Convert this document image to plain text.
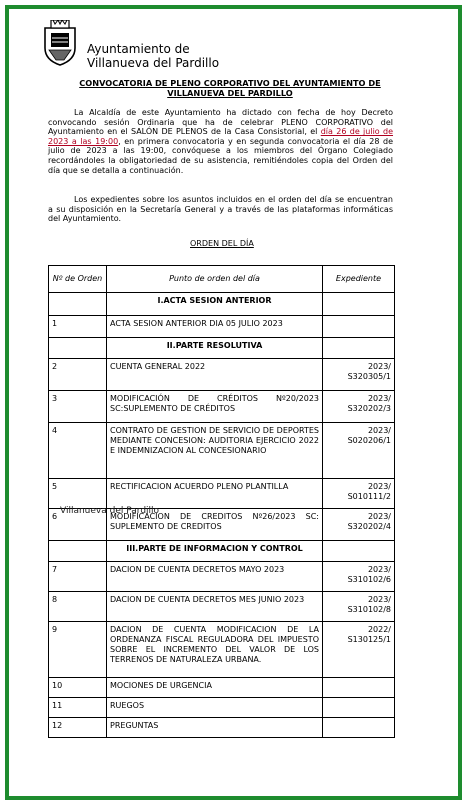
Ayuntamiento de
Villanueva del Pardillo
CONVOCATORIA DE PLENO CORPORATIVO DEL AYUNTAMIENTO DE
VILLANUEVA DEL PARDILLO
La Alcaldía de este Ayuntamiento ha dictado con fecha de hoy Decreto convocando sesión Ordinaria que ha de celebrar PLENO CORPORATIVO del Ayuntamiento en el SALÓN DE PLENOS de la Casa Consistorial, el día 26 de julio de 2023 a las 19:00, en primera convocatoria y en segunda convocatoria el día 28 de julio de 2023 a las 19:00, convóquese a los miembros del Órgano Colegiado recordándoles la obligatoriedad de su asistencia, remitiéndoles copia del Orden del día que se detalla a continuación.
Los expedientes sobre los asuntos incluidos en el orden del día se encuentran a su disposición en la Secretaría General y a través de las plataformas informáticas del Ayuntamiento.
ORDEN DEL DÍA
Nº de Orden	Punto de orden del día	Expediente
	I.ACTA SESION ANTERIOR	
1	ACTA SESION ANTERIOR DIA 05 JULIO 2023	
	II.PARTE RESOLUTIVA	
2	CUENTA GENERAL 2022	2023/ S320305/1
3	MODIFICACIÓN DE CRÉDITOS Nº20/2023 SC:SUPLEMENTO DE CRÉDITOS	2023/ S320202/3
4	CONTRATO DE GESTION DE SERVICIO DE DEPORTES MEDIANTE CONCESION: AUDITORIA EJERCICIO 2022 E INDEMNIZACION AL CONCESIONARIO	2023/ S020206/1
5	RECTIFICACION ACUERDO PLENO PLANTILLA	2023/ S010111/2
6	MODIFICACION DE CREDITOS Nº26/2023 SC: SUPLEMENTO DE CREDITOS	2023/ S320202/4
	III.PARTE DE INFORMACION Y CONTROL	
7	DACION DE CUENTA DECRETOS MAYO 2023	2023/ S310102/6
8	DACION DE CUENTA DECRETOS MES JUNIO 2023	2023/ S310102/8
9	DACION DE CUENTA MODIFICACION DE LA ORDENANZA FISCAL REGULADORA DEL IMPUESTO SOBRE EL INCREMENTO DEL VALOR DE LOS TERRENOS DE NATURALEZA URBANA.	2022/ S130125/1
10	MOCIONES DE URGENCIA	
11	RUEGOS	
12	PREGUNTAS	
Villanueva del Pardillo
